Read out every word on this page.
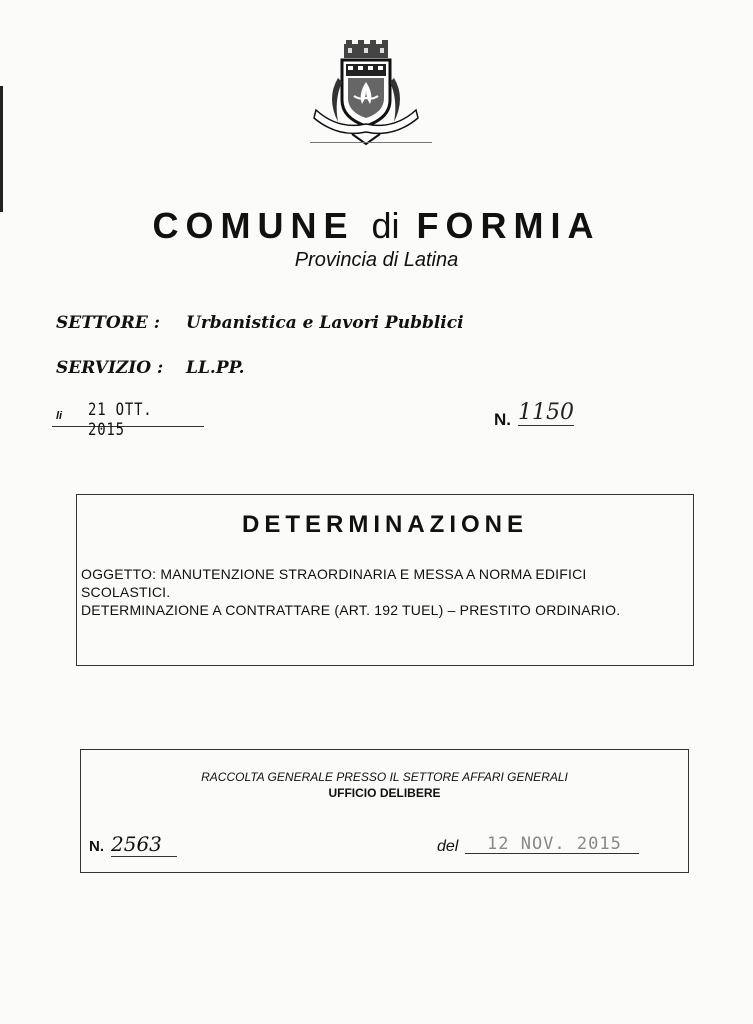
COMUNE di FORMIA
Provincia di Latina
SETTORE : Urbanistica e Lavori Pubblici
SERVIZIO : LL.PP.
li 21 OTT. 2015
N. 1150
DETERMINAZIONE
OGGETTO: MANUTENZIONE STRAORDINARIA E MESSA A NORMA EDIFICI
SCOLASTICI.
DETERMINAZIONE A CONTRATTARE (ART. 192 TUEL) – PRESTITO ORDINARIO.
RACCOLTA GENERALE PRESSO IL SETTORE AFFARI GENERALI
UFFICIO DELIBERE
N. 2563	del	12 NOV. 2015
